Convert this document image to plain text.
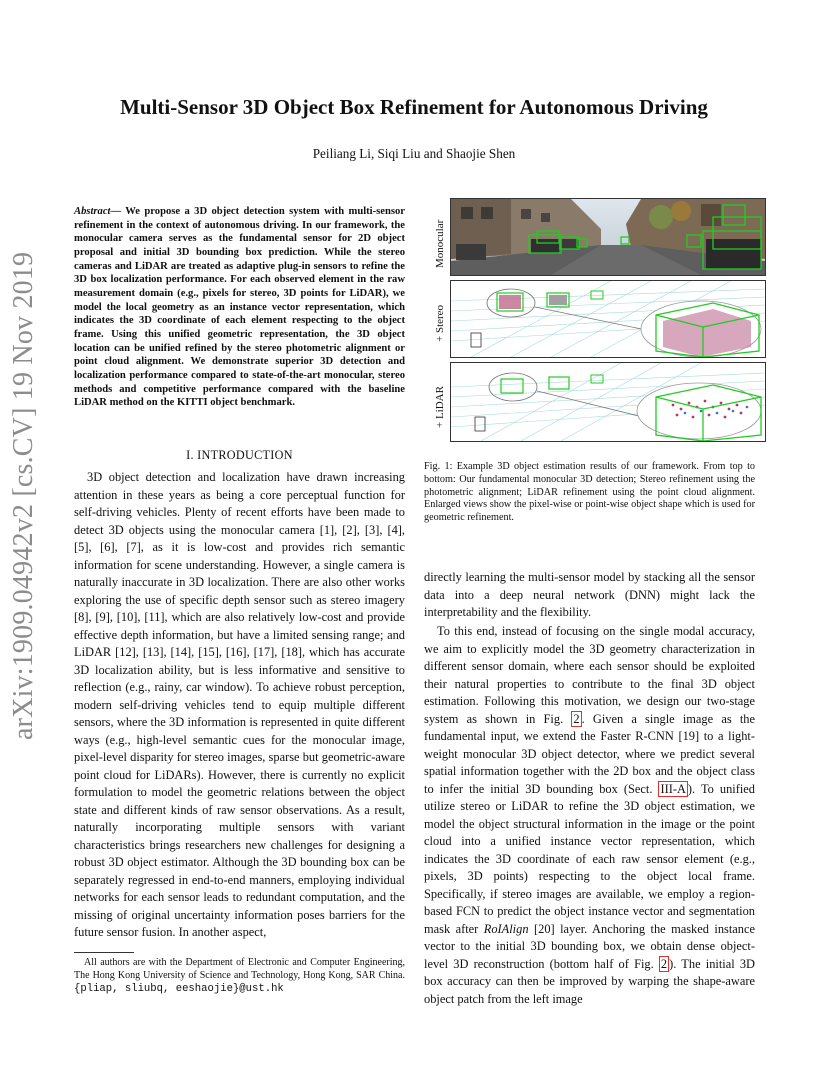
Multi-Sensor 3D Object Box Refinement for Autonomous Driving
Peiliang Li, Siqi Liu and Shaojie Shen
arXiv:1909.04942v2 [cs.CV] 19 Nov 2019
Abstract— We propose a 3D object detection system with multi-sensor refinement in the context of autonomous driving. In our framework, the monocular camera serves as the fundamental sensor for 2D object proposal and initial 3D bounding box prediction. While the stereo cameras and LiDAR are treated as adaptive plug-in sensors to refine the 3D box localization performance. For each observed element in the raw measurement domain (e.g., pixels for stereo, 3D points for LiDAR), we model the local geometry as an instance vector representation, which indicates the 3D coordinate of each element respecting to the object frame. Using this unified geometric representation, the 3D object location can be unified refined by the stereo photometric alignment or point cloud alignment. We demonstrate superior 3D detection and localization performance compared to state-of-the-art monocular, stereo methods and competitive performance compared with the baseline LiDAR method on the KITTI object benchmark.
I. INTRODUCTION

3D object detection and localization have drawn increasing attention in these years as being a core perceptual function for self-driving vehicles. Plenty of recent efforts have been made to detect 3D objects using the monocular camera [1], [2], [3], [4], [5], [6], [7], as it is low-cost and provides rich semantic information for scene understanding. However, a single camera is naturally inaccurate in 3D localization. There are also other works exploring the use of specific depth sensor such as stereo imagery [8], [9], [10], [11], which are also relatively low-cost and provide effective depth information, but have a limited sensing range; and LiDAR [12], [13], [14], [15], [16], [17], [18], which has accurate 3D localization ability, but is less informative and sensitive to reflection (e.g., rainy, car window). To achieve robust perception, modern self-driving vehicles tend to equip multiple different sensors, where the 3D information is represented in quite different ways (e.g., high-level semantic cues for the monocular image, pixel-level disparity for stereo images, sparse but geometric-aware point cloud for LiDARs). However, there is currently no explicit formulation to model the geometric relations between the object state and different kinds of raw sensor observations. As a result, naturally incorporating multiple sensors with variant characteristics brings researchers new challenges for designing a robust 3D object estimator. Although the 3D bounding box can be separately regressed in end-to-end manners, employing individual networks for each sensor leads to redundant computation, and the missing of original uncertainty information poses barriers for the future sensor fusion. In another aspect,

All authors are with the Department of Electronic and Computer Engineering, The Hong Kong University of Science and Technology, Hong Kong, SAR China. {pliap, sliubq, eeshaojie}@ust.hk
Monocular
+ Stereo
+ LiDAR
Fig. 1: Example 3D object estimation results of our framework. From top to bottom: Our fundamental monocular 3D detection; Stereo refinement using the photometric alignment; LiDAR refinement using the point cloud alignment. Enlarged views show the pixel-wise or point-wise object shape which is used for geometric refinement.

directly learning the multi-sensor model by stacking all the sensor data into a deep neural network (DNN) might lack the interpretability and the flexibility.

To this end, instead of focusing on the single modal accuracy, we aim to explicitly model the 3D geometry characterization in different sensor domain, where each sensor should be exploited their natural properties to contribute to the final 3D object estimation. Following this motivation, we design our two-stage system as shown in Fig. 2 . Given a single image as the fundamental input, we extend the Faster R-CNN [19] to a light-weight monocular 3D object detector, where we predict several spatial information together with the 2D box and the object class to infer the initial 3D bounding box (Sect. III-A ). To unified utilize stereo or LiDAR to refine the 3D object estimation, we model the object structural information in the image or the point cloud into a unified instance vector representation, which indicates the 3D coordinate of each raw sensor element (e.g., pixels, 3D points) respecting to the object local frame. Specifically, if stereo images are available, we employ a region-based FCN to predict the object instance vector and segmentation mask after RoIAlign [20] layer. Anchoring the masked instance vector to the initial 3D bounding box, we obtain dense object-level 3D reconstruction (bottom half of Fig. 2 ). The initial 3D box accuracy can then be improved by warping the shape-aware object patch from the left image
